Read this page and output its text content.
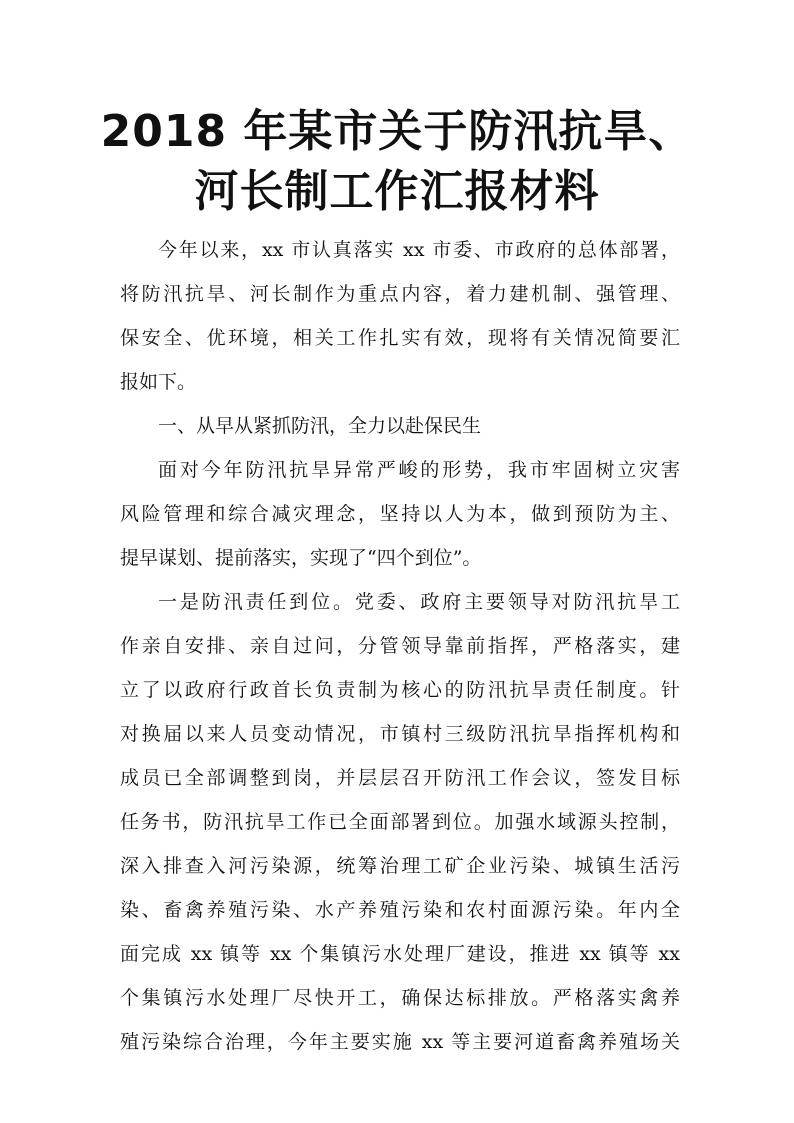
2018 年某市关于防汛抗旱、
河长制工作汇报材料

今年以来，xx 市认真落实 xx 市委、市政府的总体部署，

将防汛抗旱、河长制作为重点内容，着力建机制、强管理、

保安全、优环境，相关工作扎实有效，现将有关情况简要汇

报如下。

一、从早从紧抓防汛，全力以赴保民生

面对今年防汛抗旱异常严峻的形势，我市牢固树立灾害

风险管理和综合减灾理念，坚持以人为本，做到预防为主、

提早谋划、提前落实，实现了“四个到位”。

一是防汛责任到位。党委、政府主要领导对防汛抗旱工

作亲自安排、亲自过问，分管领导靠前指挥，严格落实，建

立了以政府行政首长负责制为核心的防汛抗旱责任制度。针

对换届以来人员变动情况，市镇村三级防汛抗旱指挥机构和

成员已全部调整到岗，并层层召开防汛工作会议，签发目标

任务书，防汛抗旱工作已全面部署到位。加强水域源头控制，

深入排查入河污染源，统筹治理工矿企业污染、城镇生活污

染、畜禽养殖污染、水产养殖污染和农村面源污染。年内全

面完成 xx 镇等 xx 个集镇污水处理厂建设，推进 xx 镇等 xx

个集镇污水处理厂尽快开工，确保达标排放。严格落实禽养

殖污染综合治理，今年主要实施 xx 等主要河道畜禽养殖场关
